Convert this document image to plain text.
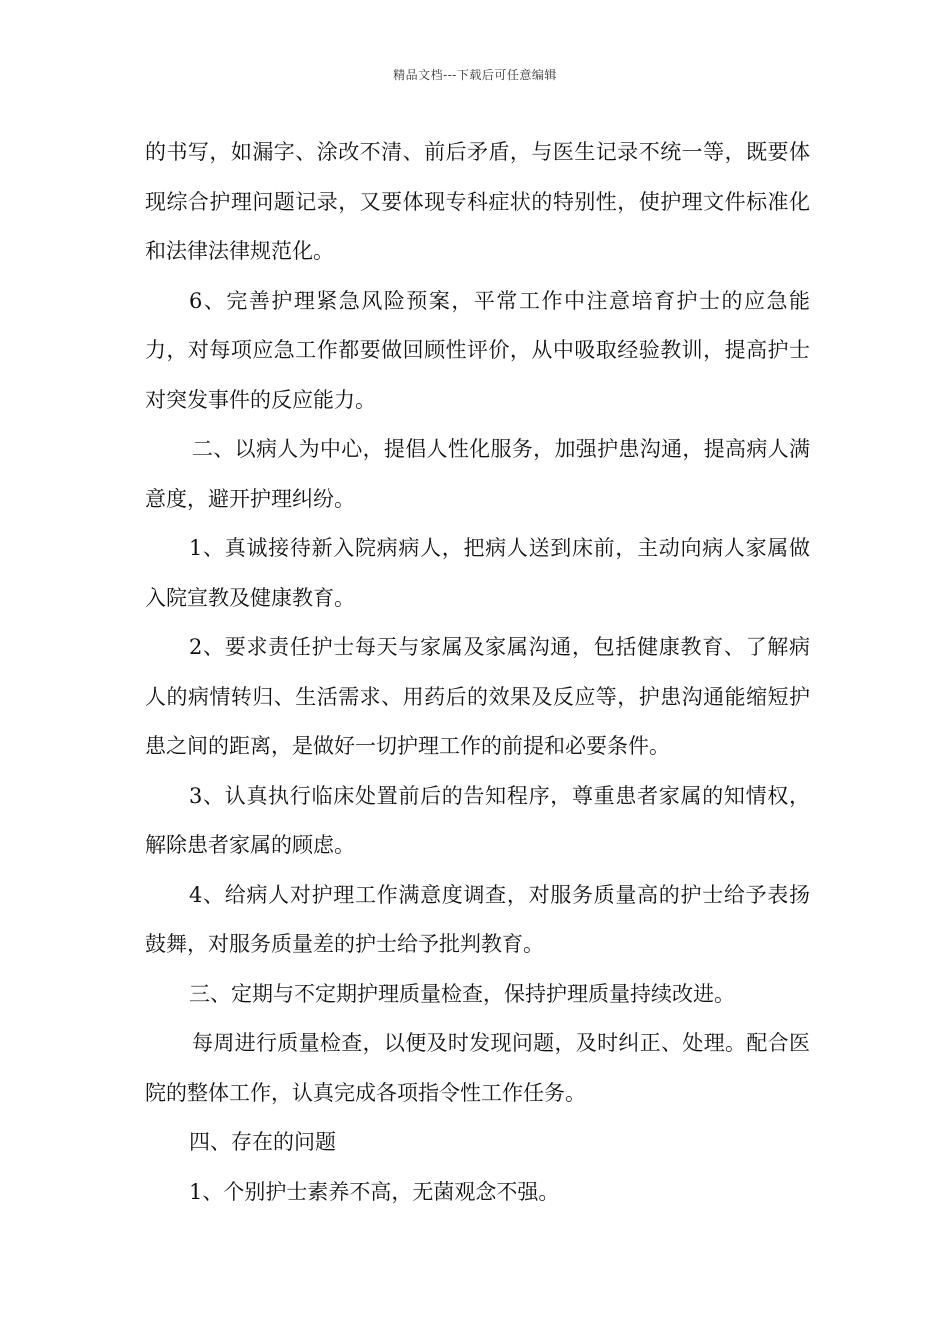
精品文档---下载后可任意编辑

的书写，如漏字、涂改不清、前后矛盾，与医生记录不统一等，既要体现综合护理问题记录，又要体现专科症状的特别性，使护理文件标准化和法律法律规范化。

6、完善护理紧急风险预案，平常工作中注意培育护士的应急能力，对每项应急工作都要做回顾性评价，从中吸取经验教训，提高护士对突发事件的反应能力。

二、以病人为中心，提倡人性化服务，加强护患沟通，提高病人满意度，避开护理纠纷。

1、真诚接待新入院病病人，把病人送到床前，主动向病人家属做入院宣教及健康教育。

2、要求责任护士每天与家属及家属沟通，包括健康教育、了解病人的病情转归、生活需求、用药后的效果及反应等，护患沟通能缩短护患之间的距离，是做好一切护理工作的前提和必要条件。

3、认真执行临床处置前后的告知程序，尊重患者家属的知情权，解除患者家属的顾虑。

4、给病人对护理工作满意度调查，对服务质量高的护士给予表扬鼓舞，对服务质量差的护士给予批判教育。

三、定期与不定期护理质量检查，保持护理质量持续改进。

每周进行质量检查，以便及时发现问题，及时纠正、处理。配合医院的整体工作，认真完成各项指令性工作任务。

四、存在的问题

1、个别护士素养不高，无菌观念不强。
